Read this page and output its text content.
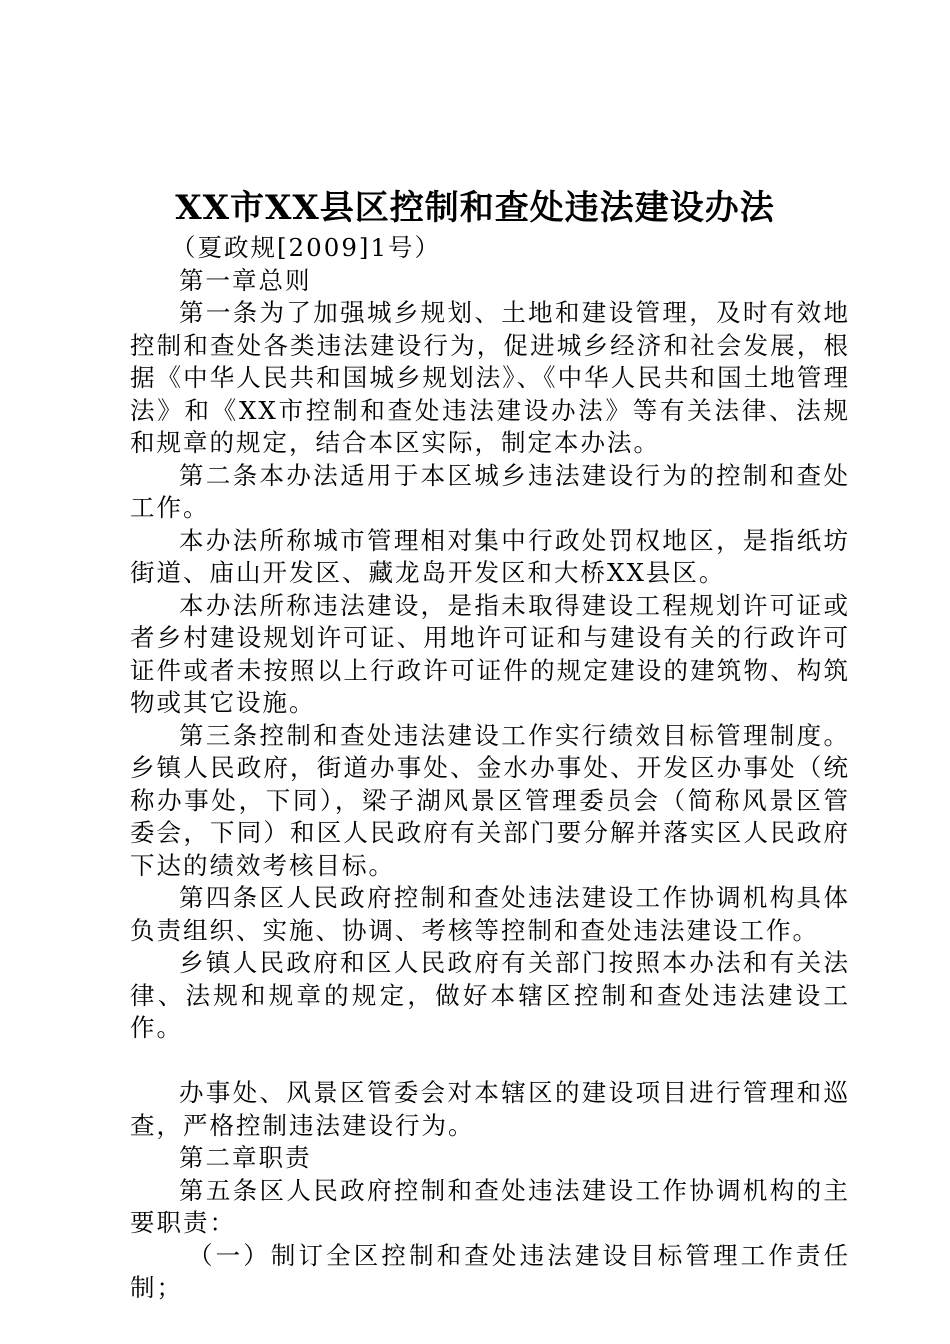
XX市XX县区控制和查处违法建设办法

（夏政规[2009]1号）

第一章总则

第一条为了加强城乡规划、土地和建设管理，及时有效地控制和查处各类违法建设行为，促进城乡经济和社会发展，根据《中华人民共和国城乡规划法》、《中华人民共和国土地管理法》和《XX市控制和查处违法建设办法》等有关法律、法规和规章的规定，结合本区实际，制定本办法。

第二条本办法适用于本区城乡违法建设行为的控制和查处工作。

本办法所称城市管理相对集中行政处罚权地区，是指纸坊街道、庙山开发区、藏龙岛开发区和大桥XX县区。

本办法所称违法建设，是指未取得建设工程规划许可证或者乡村建设规划许可证、用地许可证和与建设有关的行政许可证件或者未按照以上行政许可证件的规定建设的建筑物、构筑物或其它设施。

第三条控制和查处违法建设工作实行绩效目标管理制度。乡镇人民政府，街道办事处、金水办事处、开发区办事处（统称办事处，下同），梁子湖风景区管理委员会（简称风景区管委会，下同）和区人民政府有关部门要分解并落实区人民政府下达的绩效考核目标。

第四条区人民政府控制和查处违法建设工作协调机构具体负责组织、实施、协调、考核等控制和查处违法建设工作。

乡镇人民政府和区人民政府有关部门按照本办法和有关法律、法规和规章的规定，做好本辖区控制和查处违法建设工作。

办事处、风景区管委会对本辖区的建设项目进行管理和巡查，严格控制违法建设行为。

第二章职责

第五条区人民政府控制和查处违法建设工作协调机构的主要职责：

（一）制订全区控制和查处违法建设目标管理工作责任制；
